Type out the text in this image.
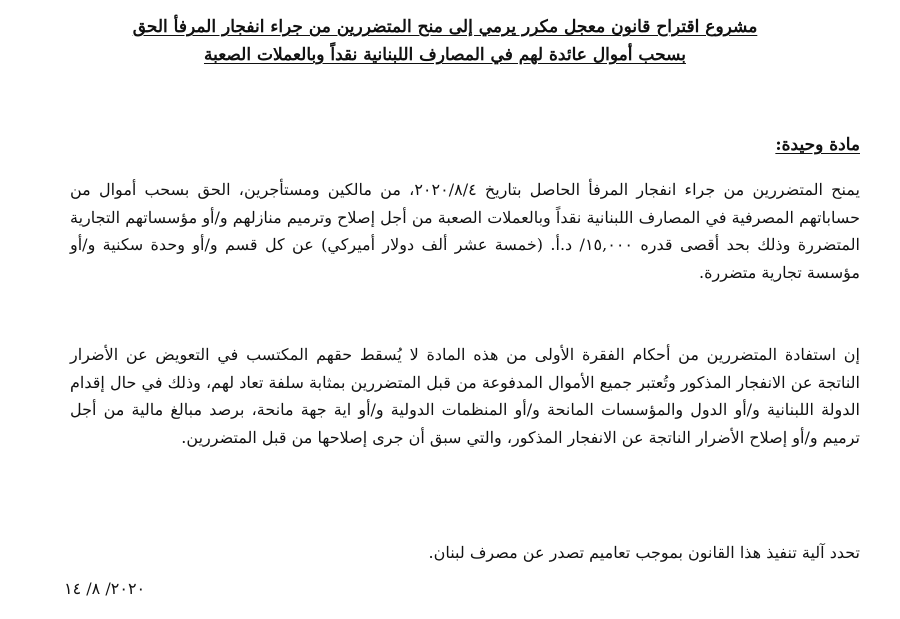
مشروع اقتراح قانون معجل مكرر يرمي إلى منح المتضررين من جراء انفجار المرفأ الحق
بسحب أموال عائدة لهم في المصارف اللبنانية نقداً وبالعملات الصعبة
مادة وحيدة:
يمنح المتضررين من جراء انفجار المرفأ الحاصل بتاريخ ٢٠٢٠/٨/٤، من مالكين ومستأجرين، الحق بسحب أموال من حساباتهم المصرفية في المصارف اللبنانية نقداً وبالعملات الصعبة من أجل إصلاح وترميم منازلهم و/أو مؤسساتهم التجارية المتضررة وذلك بحد أقصى قدره ١٥,٠٠٠/ د.أ. (خمسة عشر ألف دولار أميركي) عن كل قسم و/أو وحدة سكنية و/أو مؤسسة تجارية متضررة.
إن استفادة المتضررين من أحكام الفقرة الأولى من هذه المادة لا يُسقط حقهم المكتسب في التعويض عن الأضرار الناتجة عن الانفجار المذكور وتُعتبر جميع الأموال المدفوعة من قبل المتضررين بمثابة سلفة تعاد لهم، وذلك في حال إقدام الدولة اللبنانية و/أو الدول والمؤسسات المانحة و/أو المنظمات الدولية و/أو اية جهة مانحة، برصد مبالغ مالية من أجل ترميم و/أو إصلاح الأضرار الناتجة عن الانفجار المذكور، والتي سبق أن جرى إصلاحها من قبل المتضررين.
تحدد آلية تنفيذ هذا القانون بموجب تعاميم تصدر عن مصرف لبنان.
٢٠٢٠/ ٨/ ١٤
